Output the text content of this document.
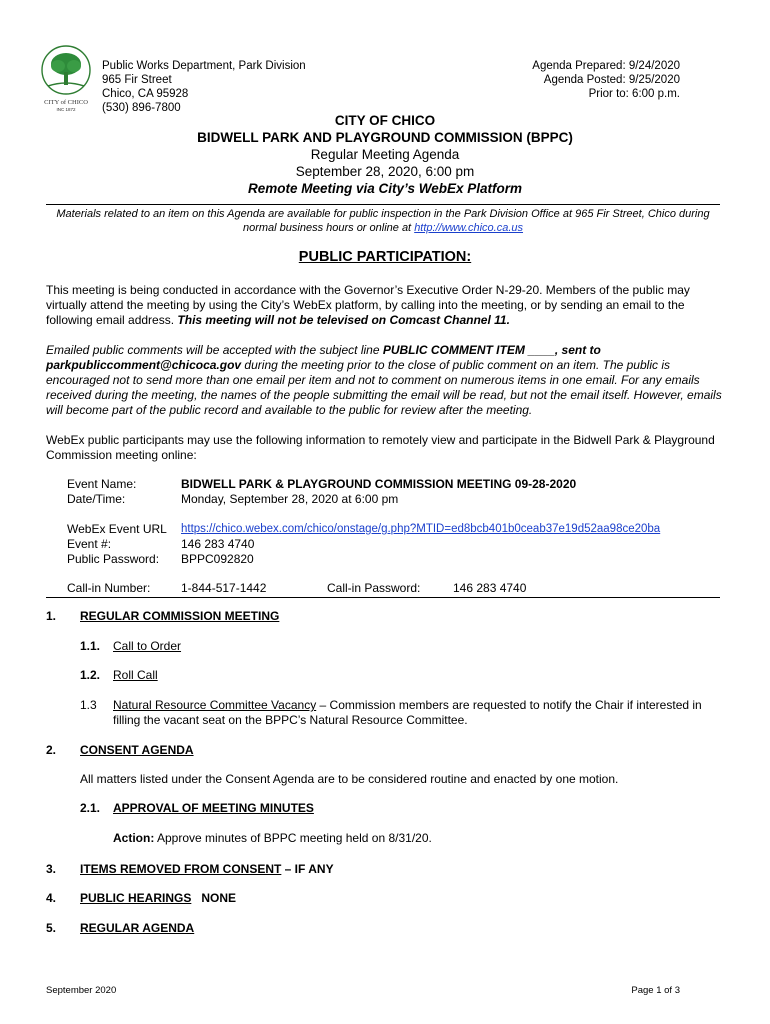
CITY of CHICO
INC 1872
Public Works Department, Park Division
965 Fir Street
Chico, CA 95928
(530) 896-7800
Agenda Prepared: 9/24/2020
Agenda Posted: 9/25/2020
Prior to: 6:00 p.m.
CITY OF CHICO
BIDWELL PARK AND PLAYGROUND COMMISSION (BPPC)
Regular Meeting Agenda
September 28, 2020, 6:00 pm
Remote Meeting via City’s WebEx Platform
Materials related to an item on this Agenda are available for public inspection in the Park Division Office at 965 Fir Street, Chico during normal business hours or online at http://www.chico.ca.us
PUBLIC PARTICIPATION:
This meeting is being conducted in accordance with the Governor’s Executive Order N-29-20. Members of the public may virtually attend the meeting by using the City’s WebEx platform, by calling into the meeting, or by sending an email to the following email address. This meeting will not be televised on Comcast Channel 11.
Emailed public comments will be accepted with the subject line PUBLIC COMMENT ITEM ____, sent to parkpubliccomment@chicoca.gov during the meeting prior to the close of public comment on an item. The public is encouraged not to send more than one email per item and not to comment on numerous items in one email. For any emails received during the meeting, the names of the people submitting the email will be read, but not the email itself. However, emails will become part of the public record and available to the public for review after the meeting.
WebEx public participants may use the following information to remotely view and participate in the Bidwell Park & Playground Commission meeting online:
Event Name:	BIDWELL PARK & PLAYGROUND COMMISSION MEETING 09-28-2020
Date/Time:	Monday, September 28, 2020 at 6:00 pm
WebEx Event URL https://chico.webex.com/chico/onstage/g.php?MTID=ed8bcb401b0ceab37e19d52aa98ce20ba
Event #:	146 283 4740
Public Password: BPPC092820
Call-in Number:	1-844-517-1442	Call-in Password:	146 283 4740
1. REGULAR COMMISSION MEETING
1.1. Call to Order
1.2. Roll Call
1.3 Natural Resource Committee Vacancy – Commission members are requested to notify the Chair if interested in filling the vacant seat on the BPPC’s Natural Resource Committee.
2. CONSENT AGENDA
All matters listed under the Consent Agenda are to be considered routine and enacted by one motion.
2.1. APPROVAL OF MEETING MINUTES
Action: Approve minutes of BPPC meeting held on 8/31/20.
3. ITEMS REMOVED FROM CONSENT – IF ANY
4. PUBLIC HEARINGS   NONE
5. REGULAR AGENDA
September 2020	Page 1 of 3
